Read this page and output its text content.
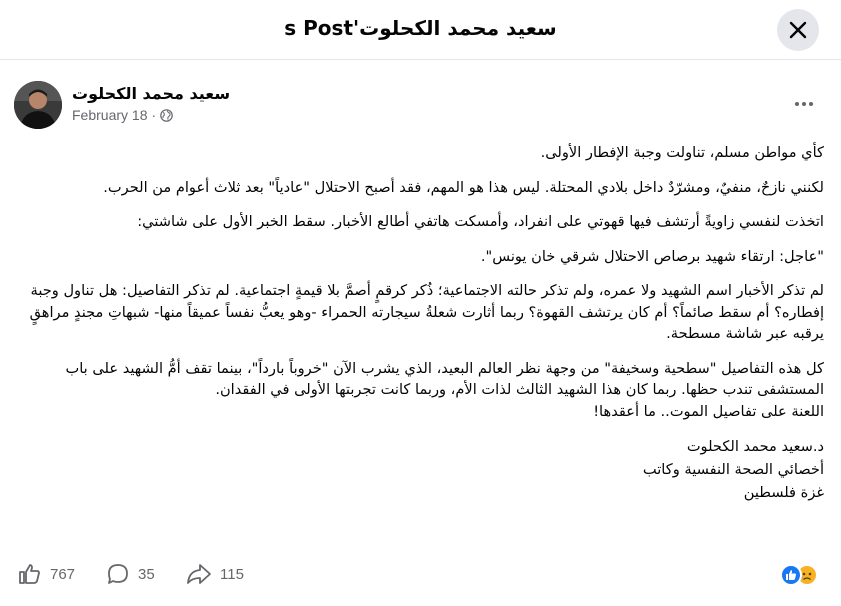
سعيد محمد الكحلوت's Post
سعيد محمد الكحلوت
February 18 ·

كأي مواطن مسلم، تناولت وجبة الإفطار الأولى.

لكنني نازحٌ، منفيٌ، ومشرّدٌ داخل بلادي المحتلة. ليس هذا هو المهم، فقد أصبح الاحتلال "عادياً" بعد ثلاث أعوام من الحرب.

اتخذت لنفسي زاويةً أرتشف فيها قهوتي على انفراد، وأمسكت هاتفي أطالع الأخبار. سقط الخبر الأول على شاشتي:

"عاجل: ارتقاء شهيد برصاص الاحتلال شرقي خان يونس".

لم تذكر الأخبار اسم الشهيد ولا عمره، ولم تذكر حالته الاجتماعية؛ ذُكر كرقمٍ أصمَّ بلا قيمةٍ اجتماعية. لم تذكر التفاصيل: هل تناول وجبة إفطاره؟ أم سقط صائماً؟ أم كان يرتشف القهوة؟ ربما أثارت شعلةُ سيجارته الحمراء -وهو يعبُّ نفساً عميقاً منها- شبهاتِ مجندٍ مراهقٍ يرقبه عبر شاشة مسطحة.

كل هذه التفاصيل "سطحية وسخيفة" من وجهة نظر العالم البعيد، الذي يشرب الآن "خروباً بارداً"، بينما تقف أمُّ الشهيد على باب المستشفى تندب حظها. ربما كان هذا الشهيد الثالث لذات الأم، وربما كانت تجربتها الأولى في الفقدان.

اللعنة على تفاصيل الموت.. ما أعقدها!

د.سعيد محمد الكحلوت
أخصائي الصحة النفسية وكاتب
غزة فلسطين
767	35	115
